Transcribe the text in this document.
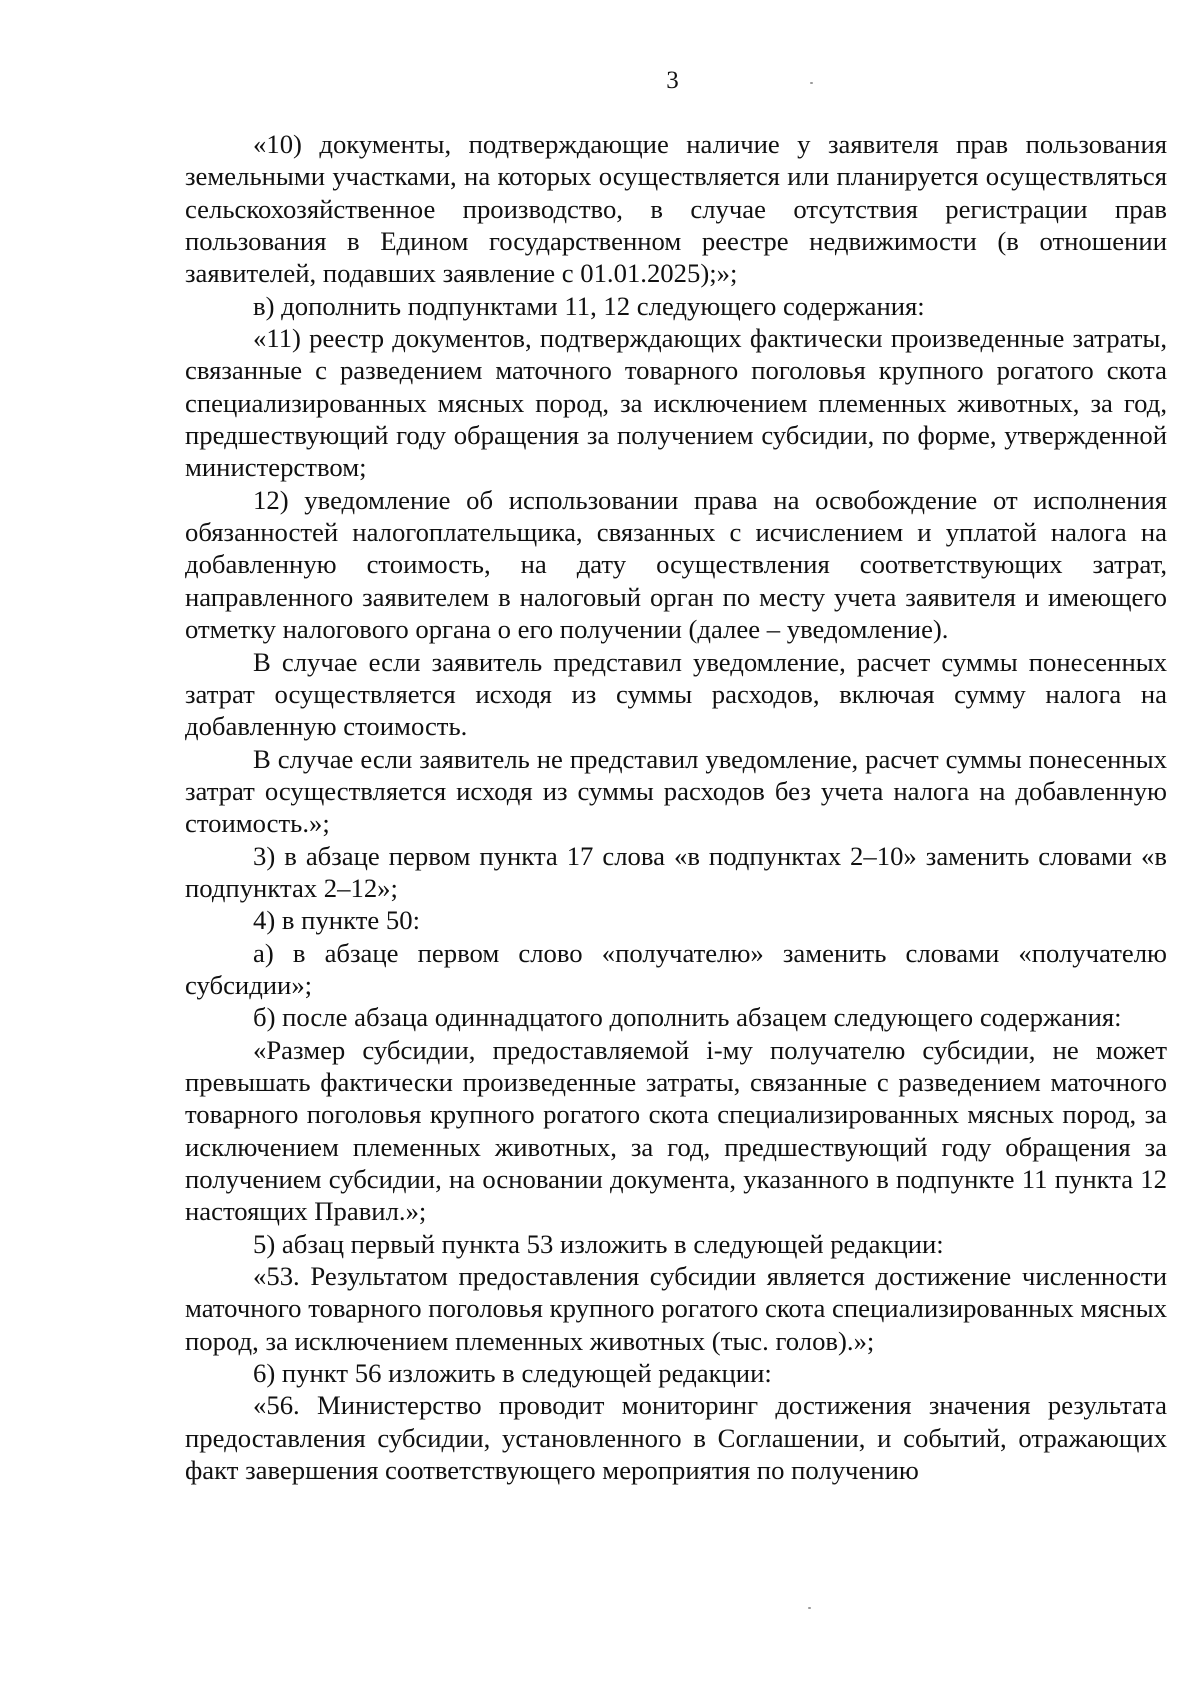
3

«10) документы, подтверждающие наличие у заявителя прав пользования земельными участками, на которых осуществляется или планируется осуществляться сельскохозяйственное производство, в случае отсутствия регистрации прав пользования в Едином государственном реестре недвижимости (в отношении заявителей, подавших заявление с 01.01.2025);»;

в) дополнить подпунктами 11, 12 следующего содержания:

«11) реестр документов, подтверждающих фактически произведенные затраты, связанные с разведением маточного товарного поголовья крупного рогатого скота специализированных мясных пород, за исключением племенных животных, за год, предшествующий году обращения за получением субсидии, по форме, утвержденной министерством;

12) уведомление об использовании права на освобождение от исполнения обязанностей налогоплательщика, связанных с исчислением и уплатой налога на добавленную стоимость, на дату осуществления соответствующих затрат, направленного заявителем в налоговый орган по месту учета заявителя и имеющего отметку налогового органа о его получении (далее – уведомление).

В случае если заявитель представил уведомление, расчет суммы понесенных затрат осуществляется исходя из суммы расходов, включая сумму налога на добавленную стоимость.

В случае если заявитель не представил уведомление, расчет суммы понесенных затрат осуществляется исходя из суммы расходов без учета налога на добавленную стоимость.»;

3) в абзаце первом пункта 17 слова «в подпунктах 2–10» заменить словами «в подпунктах 2–12»;

4) в пункте 50:

а) в абзаце первом слово «получателю» заменить словами «получателю субсидии»;

б) после абзаца одиннадцатого дополнить абзацем следующего содержания:

«Размер субсидии, предоставляемой i-му получателю субсидии, не может превышать фактически произведенные затраты, связанные с разведением маточного товарного поголовья крупного рогатого скота специализированных мясных пород, за исключением племенных животных, за год, предшествующий году обращения за получением субсидии, на основании документа, указанного в подпункте 11 пункта 12 настоящих Правил.»;

5) абзац первый пункта 53 изложить в следующей редакции:

«53. Результатом предоставления субсидии является достижение численности маточного товарного поголовья крупного рогатого скота специализированных мясных пород, за исключением племенных животных (тыс. голов).»;

6) пункт 56 изложить в следующей редакции:

«56. Министерство проводит мониторинг достижения значения результата предоставления субсидии, установленного в Соглашении, и событий, отражающих факт завершения соответствующего мероприятия по получению
